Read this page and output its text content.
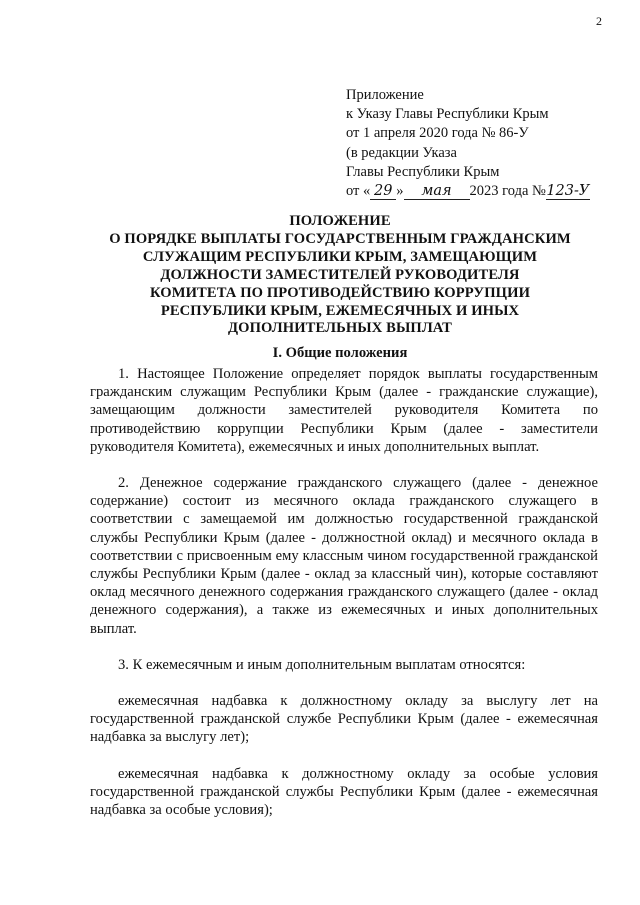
2
Приложение
к Указу Главы Республики Крым
от 1 апреля 2020 года № 86-У
(в редакции Указа
Главы Республики Крым
от « 29 » мая 2023 года №123-У
ПОЛОЖЕНИЕ
О ПОРЯДКЕ ВЫПЛАТЫ ГОСУДАРСТВЕННЫМ ГРАЖДАНСКИМ
СЛУЖАЩИМ РЕСПУБЛИКИ КРЫМ, ЗАМЕЩАЮЩИМ
ДОЛЖНОСТИ ЗАМЕСТИТЕЛЕЙ РУКОВОДИТЕЛЯ
КОМИТЕТА ПО ПРОТИВОДЕЙСТВИЮ КОРРУПЦИИ
РЕСПУБЛИКИ КРЫМ, ЕЖЕМЕСЯЧНЫХ И ИНЫХ
ДОПОЛНИТЕЛЬНЫХ ВЫПЛАТ
I. Общие положения

1. Настоящее Положение определяет порядок выплаты государственным гражданским служащим Республики Крым (далее - гражданские служащие), замещающим должности заместителей руководителя Комитета по противодействию коррупции Республики Крым (далее - заместители руководителя Комитета), ежемесячных и иных дополнительных выплат.

2. Денежное содержание гражданского служащего (далее - денежное содержание) состоит из месячного оклада гражданского служащего в соответствии с замещаемой им должностью государственной гражданской службы Республики Крым (далее - должностной оклад) и месячного оклада в соответствии с присвоенным ему классным чином государственной гражданской службы Республики Крым (далее - оклад за классный чин), которые составляют оклад месячного денежного содержания гражданского служащего (далее - оклад денежного содержания), а также из ежемесячных и иных дополнительных выплат.

3. К ежемесячным и иным дополнительным выплатам относятся:

ежемесячная надбавка к должностному окладу за выслугу лет на государственной гражданской службе Республики Крым (далее - ежемесячная надбавка за выслугу лет);

ежемесячная надбавка к должностному окладу за особые условия государственной гражданской службы Республики Крым (далее - ежемесячная надбавка за особые условия);
